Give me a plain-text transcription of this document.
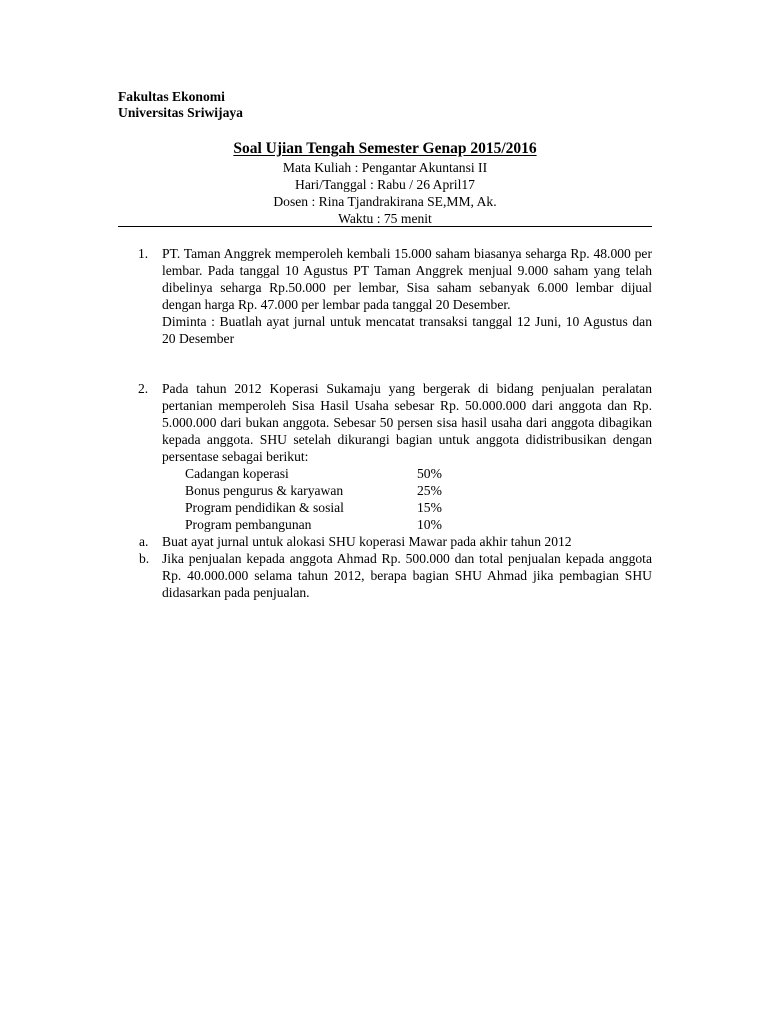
Fakultas Ekonomi
Universitas Sriwijaya
Soal Ujian Tengah Semester Genap 2015/2016
Mata Kuliah : Pengantar Akuntansi II
Hari/Tanggal : Rabu / 26 April17
Dosen : Rina Tjandrakirana SE,MM, Ak.
Waktu : 75 menit
1. PT. Taman Anggrek memperoleh kembali 15.000 saham biasanya seharga Rp. 48.000 per lembar. Pada tanggal 10 Agustus PT Taman Anggrek menjual 9.000 saham yang telah dibelinya seharga Rp.50.000 per lembar, Sisa saham sebanyak 6.000 lembar dijual dengan harga Rp. 47.000 per lembar pada tanggal 20 Desember.

Diminta : Buatlah ayat jurnal untuk mencatat transaksi tanggal 12 Juni, 10 Agustus dan 20 Desember

2. Pada tahun 2012 Koperasi Sukamaju yang bergerak di bidang penjualan peralatan pertanian memperoleh Sisa Hasil Usaha sebesar Rp. 50.000.000 dari anggota dan Rp. 5.000.000 dari bukan anggota. Sebesar 50 persen sisa hasil usaha dari anggota dibagikan kepada anggota. SHU setelah dikurangi bagian untuk anggota didistribusikan dengan persentase sebagai berikut:

Cadangan koperasi	50%
Bonus pengurus & karyawan	25%
Program pendidikan & sosial	15%
Program pembangunan	10%
a. Buat ayat jurnal untuk alokasi SHU koperasi Mawar pada akhir tahun 2012
b. Jika penjualan kepada anggota Ahmad Rp. 500.000 dan total penjualan kepada anggota Rp. 40.000.000 selama tahun 2012, berapa bagian SHU Ahmad jika pembagian SHU didasarkan pada penjualan.
